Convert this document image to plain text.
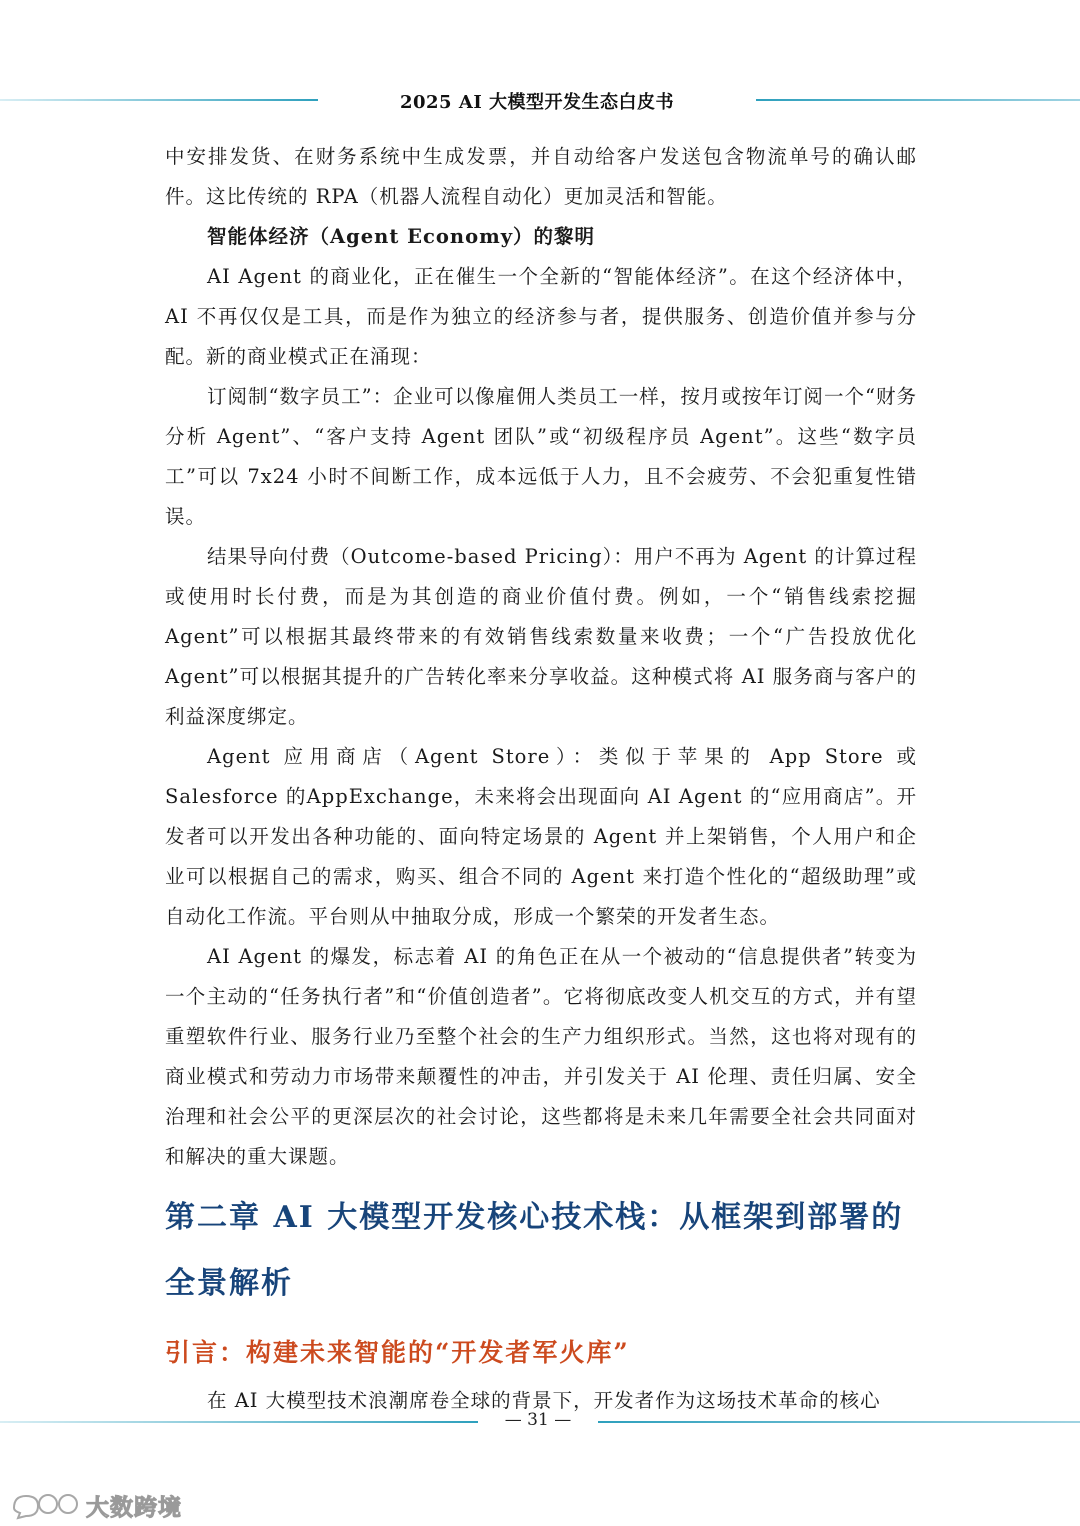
2025 AI 大模型开发生态白皮书

中安排发货、在财务系统中生成发票，并自动给客户发送包含物流单号的确认邮件。这比传统的 RPA（机器人流程自动化）更加灵活和智能。

智能体经济（Agent Economy）的黎明

AI Agent 的商业化，正在催生一个全新的“智能体经济”。在这个经济体中，AI 不再仅仅是工具，而是作为独立的经济参与者，提供服务、创造价值并参与分配。新的商业模式正在涌现：

订阅制“数字员工”：企业可以像雇佣人类员工一样，按月或按年订阅一个“财务分析 Agent”、“客户支持 Agent 团队”或“初级程序员 Agent”。这些“数字员工”可以 7x24 小时不间断工作，成本远低于人力，且不会疲劳、不会犯重复性错误。

结果导向付费（Outcome-based Pricing）：用户不再为 Agent 的计算过程或使用时长付费，而是为其创造的商业价值付费。例如，一个“销售线索挖掘 Agent”可以根据其最终带来的有效销售线索数量来收费；一个“广告投放优化 Agent”可以根据其提升的广告转化率来分享收益。这种模式将 AI 服务商与客户的利益深度绑定。

Agent 应用商店（Agent Store）：类似于苹果的 App Store 或 Salesforce 的AppExchange，未来将会出现面向 AI Agent 的“应用商店”。开发者可以开发出各种功能的、面向特定场景的 Agent 并上架销售，个人用户和企业可以根据自己的需求，购买、组合不同的 Agent 来打造个性化的“超级助理”或自动化工作流。平台则从中抽取分成，形成一个繁荣的开发者生态。

AI Agent 的爆发，标志着 AI 的角色正在从一个被动的“信息提供者”转变为一个主动的“任务执行者”和“价值创造者”。它将彻底改变人机交互的方式，并有望重塑软件行业、服务行业乃至整个社会的生产力组织形式。当然，这也将对现有的商业模式和劳动力市场带来颠覆性的冲击，并引发关于 AI 伦理、责任归属、安全治理和社会公平的更深层次的社会讨论，这些都将是未来几年需要全社会共同面对和解决的重大课题。

第二章 AI 大模型开发核心技术栈：从框架到部署的全景解析
引言：构建未来智能的“开发者军火库”

在 AI 大模型技术浪潮席卷全球的背景下，开发者作为这场技术革命的核心

— 31 —
大数跨境
